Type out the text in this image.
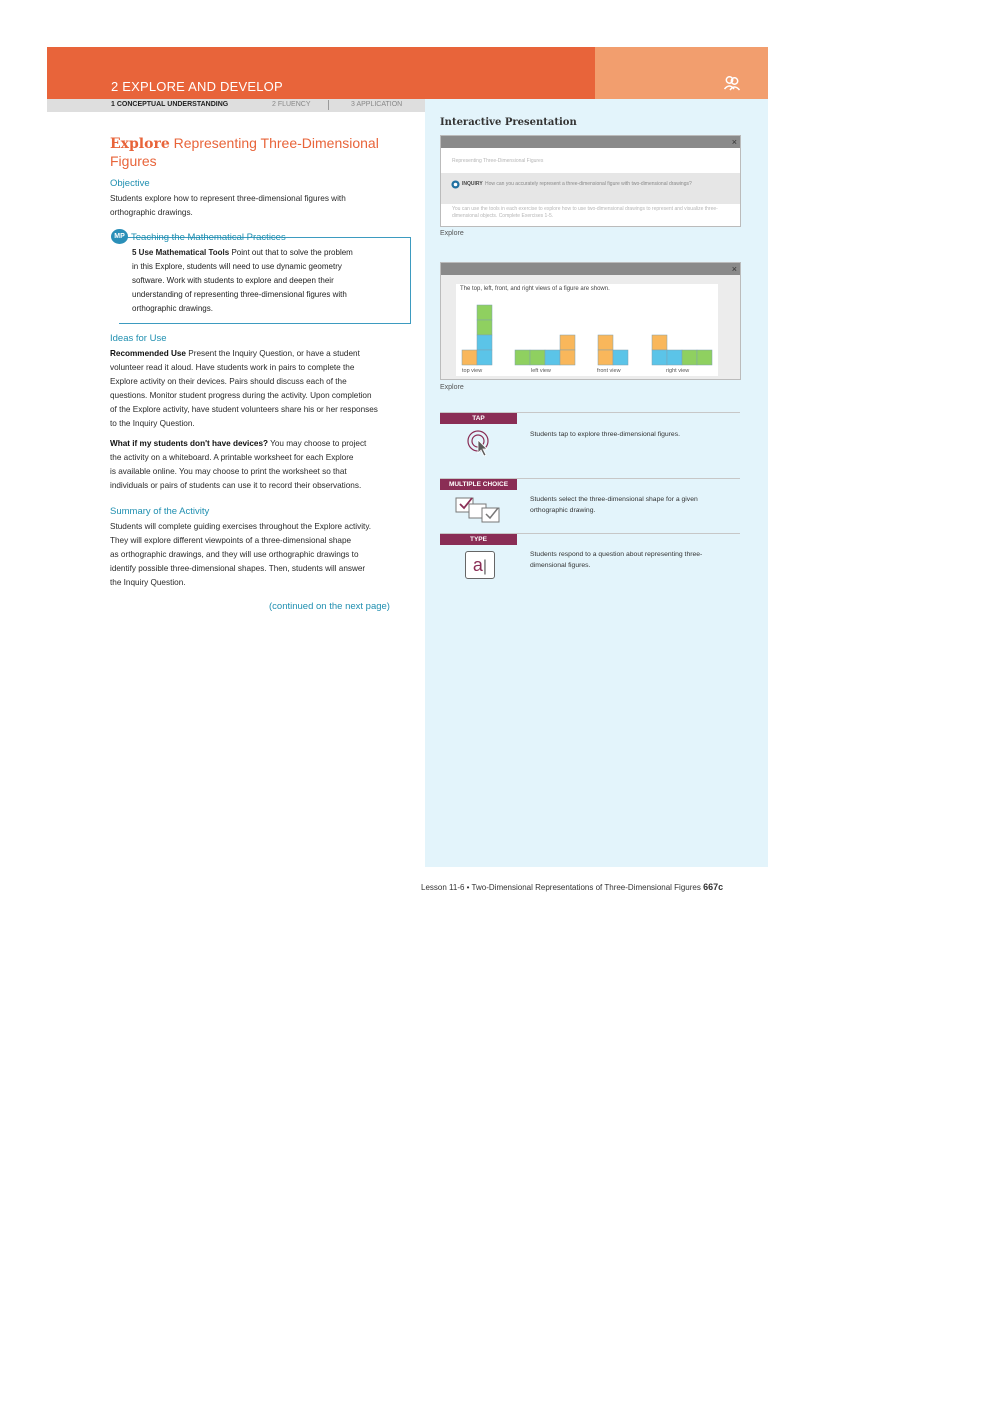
2 EXPLORE AND DEVELOP
1 CONCEPTUAL UNDERSTANDING	2 FLUENCY	3 APPLICATION
Explore Representing Three-Dimensional
Figures
Objective
Students explore how to represent three-dimensional figures with
orthographic drawings.
MP Teaching the Mathematical Practices
5 Use Mathematical Tools Point out that to solve the problem
in this Explore, students will need to use dynamic geometry
software. Work with students to explore and deepen their
understanding of representing three-dimensional figures with
orthographic drawings.
Ideas for Use
Recommended Use Present the Inquiry Question, or have a student
volunteer read it aloud. Have students work in pairs to complete the
Explore activity on their devices. Pairs should discuss each of the
questions. Monitor student progress during the activity. Upon completion
of the Explore activity, have student volunteers share his or her responses
to the Inquiry Question.
What if my students don't have devices? You may choose to project
the activity on a whiteboard. A printable worksheet for each Explore
is available online. You may choose to print the worksheet so that
individuals or pairs of students can use it to record their observations.
Summary of the Activity
Students will complete guiding exercises throughout the Explore activity.
They will explore different viewpoints of a three-dimensional shape
as orthographic drawings, and they will use orthographic drawings to
identify possible three-dimensional shapes. Then, students will answer
the Inquiry Question.
(continued on the next page)
Interactive Presentation
×
Representing Three-Dimensional Figures
INQUIRY How can you accurately represent a three-dimensional figure with two-dimensional drawings?
You can use the tools in each exercise to explore how to use two-dimensional drawings to represent and visualize three-
dimensional objects. Complete Exercises 1-5.
Explore
×
The top, left, front, and right views of a figure are shown.
top view	left view	front view	right view
Explore
TAP
Students tap to explore three-dimensional figures.
MULTIPLE CHOICE
Students select the three-dimensional shape for a given
orthographic drawing.
TYPE
a|
Students respond to a question about representing three-
dimensional figures.
Lesson 11-6 • Two-Dimensional Representations of Three-Dimensional Figures 667c
